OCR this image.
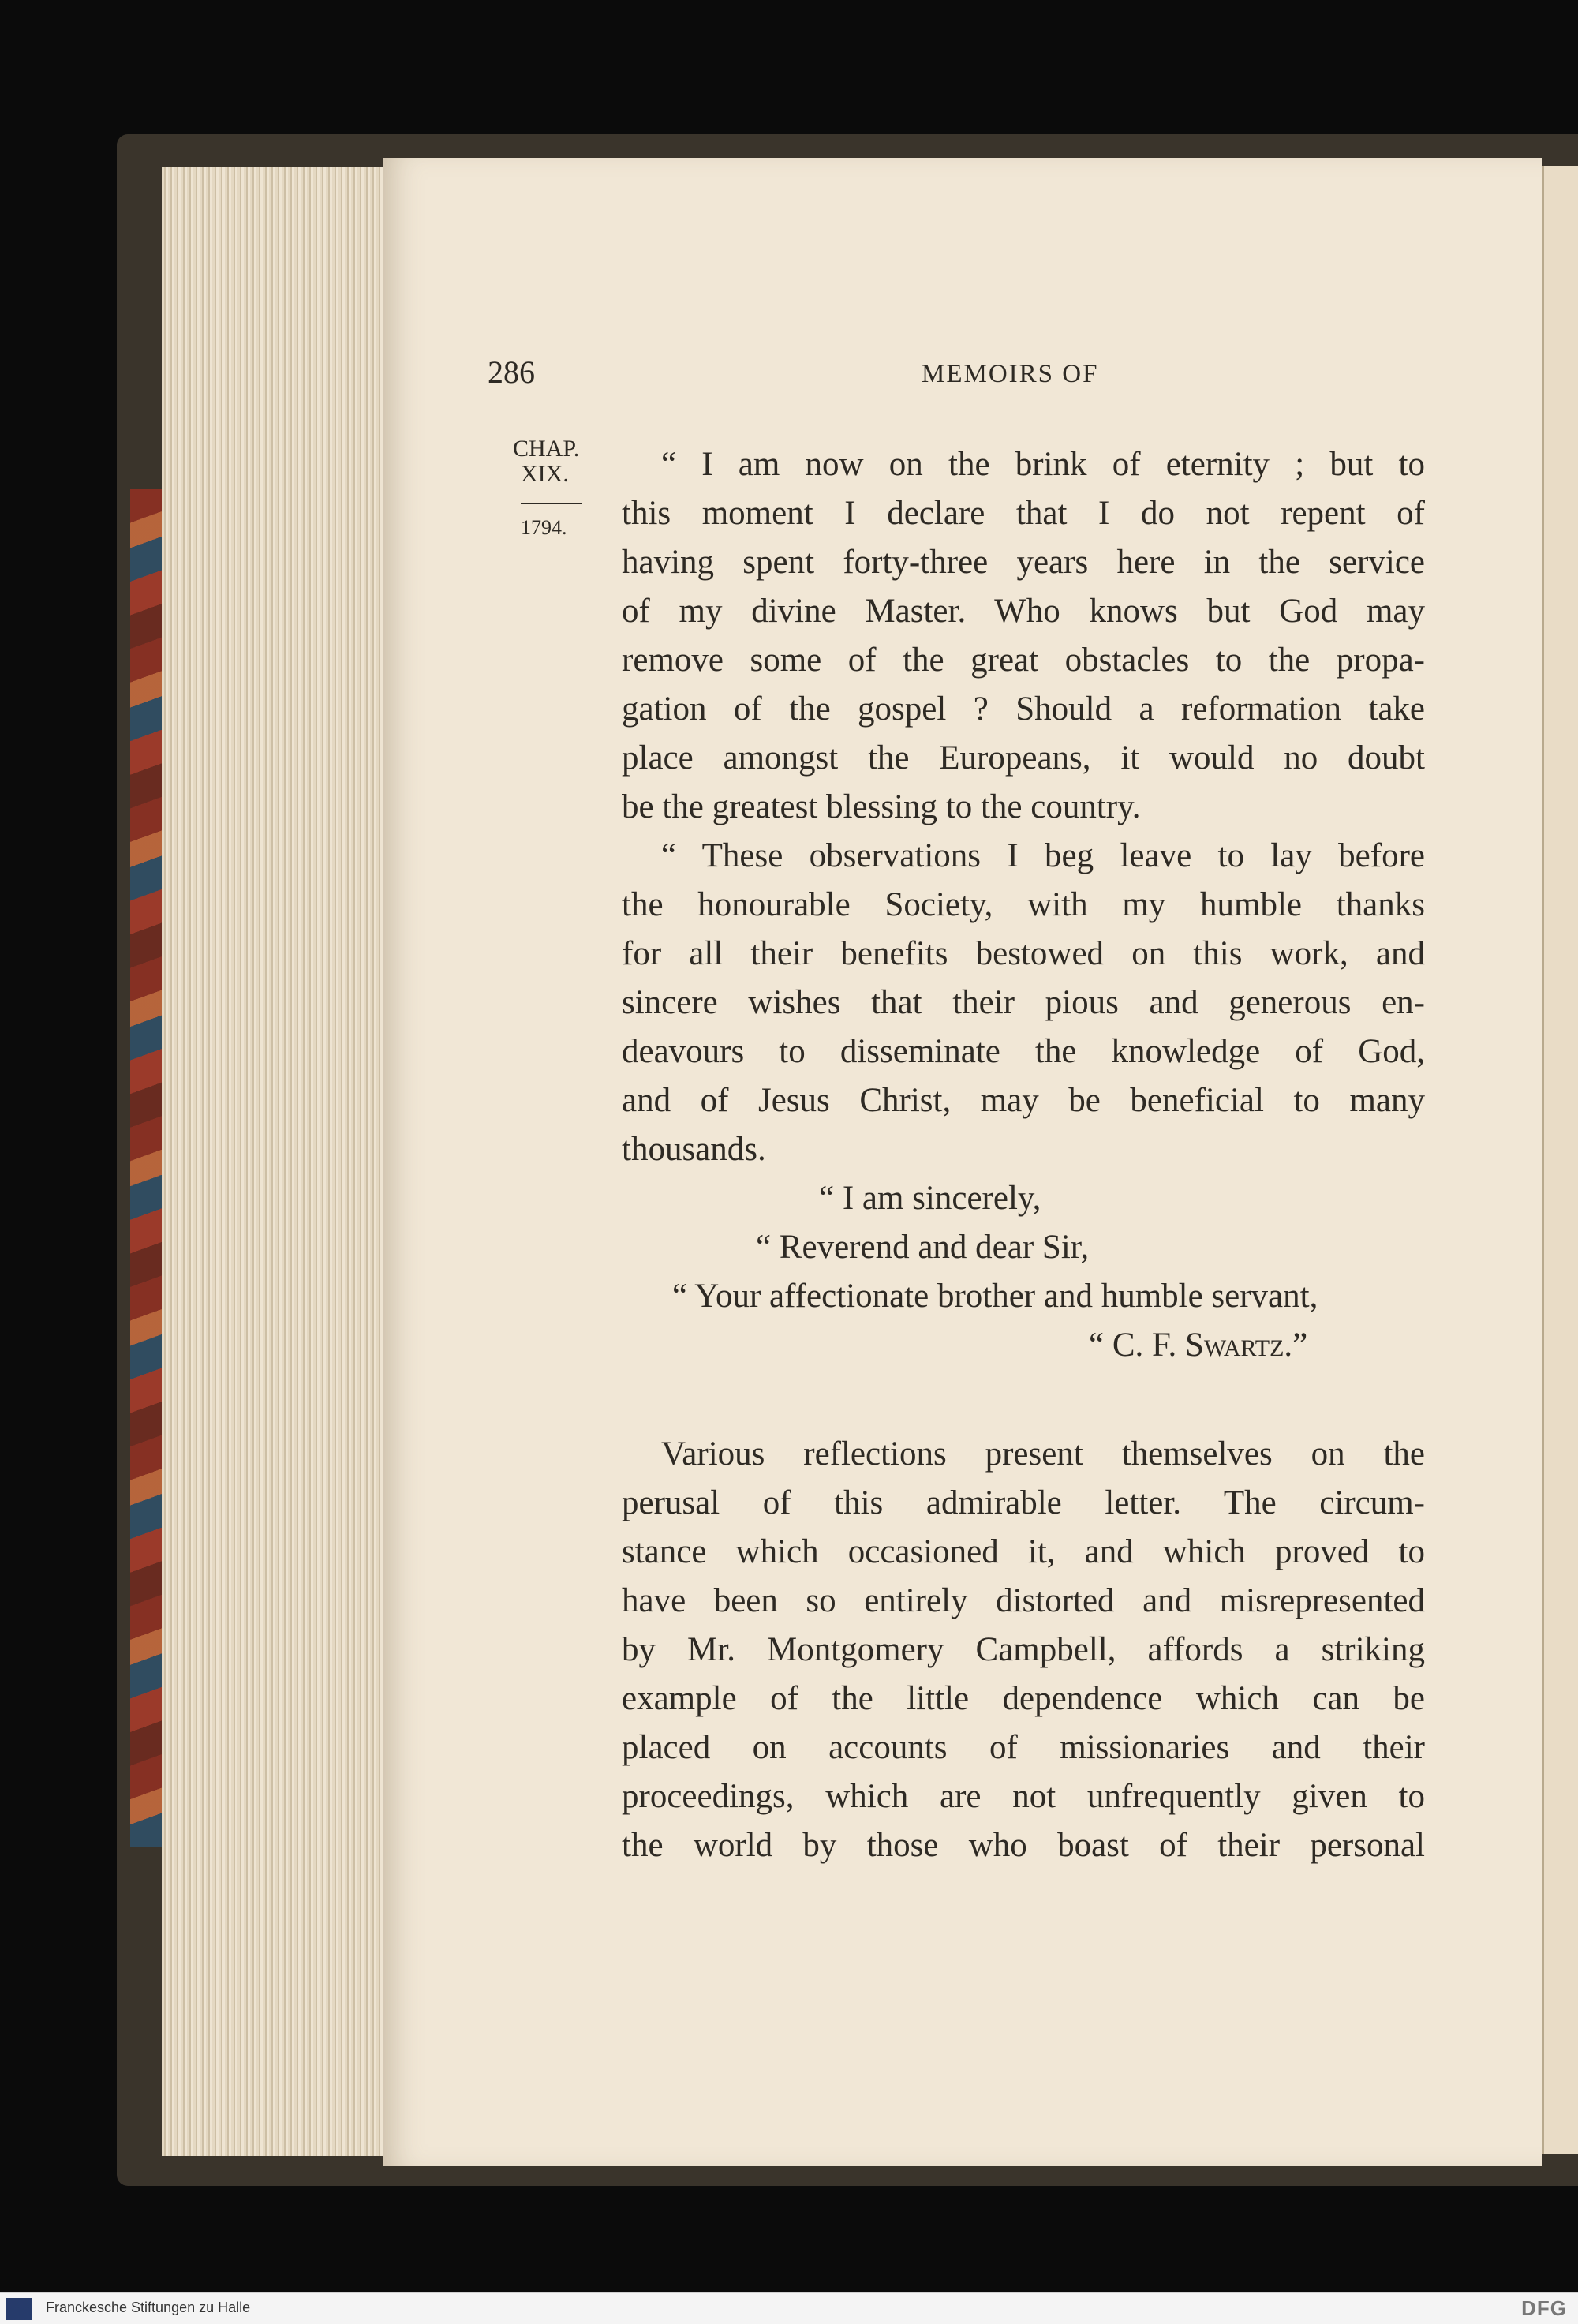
286	MEMOIRS OF
CHAP.
XIX.
1794.
“ I am now on the brink of eternity ; but to
this moment I declare that I do not repent of
having spent forty-three years here in the service
of my divine Master. Who knows but God may
remove some of the great obstacles to the propa-
gation of the gospel ? Should a reformation take
place amongst the Europeans, it would no doubt
be the greatest blessing to the country.
“ These observations I beg leave to lay before
the honourable Society, with my humble thanks
for all their benefits bestowed on this work, and
sincere wishes that their pious and generous en-
deavours to disseminate the knowledge of God,
and of Jesus Christ, may be beneficial to many
thousands.
“ I am sincerely,
“ Reverend and dear Sir,
“ Your affectionate brother and humble servant,
“ C. F. Swartz.”
Various reflections present themselves on the
perusal of this admirable letter. The circum-
stance which occasioned it, and which proved to
have been so entirely distorted and misrepresented
by Mr. Montgomery Campbell, affords a striking
example of the little dependence which can be
placed on accounts of missionaries and their
proceedings, which are not unfrequently given to
the world by those who boast of their personal
Franckesche Stiftungen zu Halle	DFG
